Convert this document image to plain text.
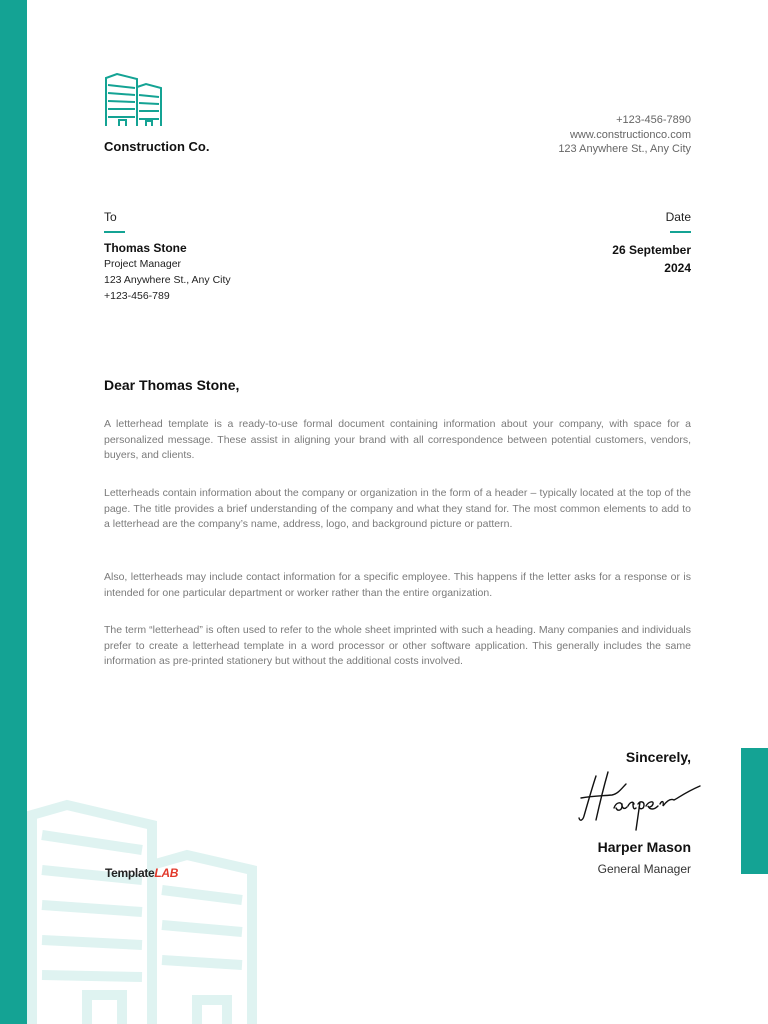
Construction Co.
+123-456-7890
www.constructionco.com
123 Anywhere St., Any City
To	Date
Thomas Stone
Project Manager
123 Anywhere St., Any City
+123-456-789
26 September
2024
Dear Thomas Stone,

A letterhead template is a ready-to-use formal document containing information about your company, with space for a personalized message. These assist in aligning your brand with all correspondence between potential customers, vendors, buyers, and clients.

Letterheads contain information about the company or organization in the form of a header – typically located at the top of the page. The title provides a brief understanding of the company and what they stand for. The most common elements to add to a letterhead are the company’s name, address, logo, and background picture or pattern.

Also, letterheads may include contact information for a specific employee. This happens if the letter asks for a response or is intended for one particular department or worker rather than the entire organization.

The term “letterhead” is often used to refer to the whole sheet imprinted with such a heading. Many companies and individuals prefer to create a letterhead template in a word processor or other software application. This generally includes the same information as pre-printed stationery but without the additional costs involved.

Sincerely,
Harper Mason
General Manager
TemplateLAB
